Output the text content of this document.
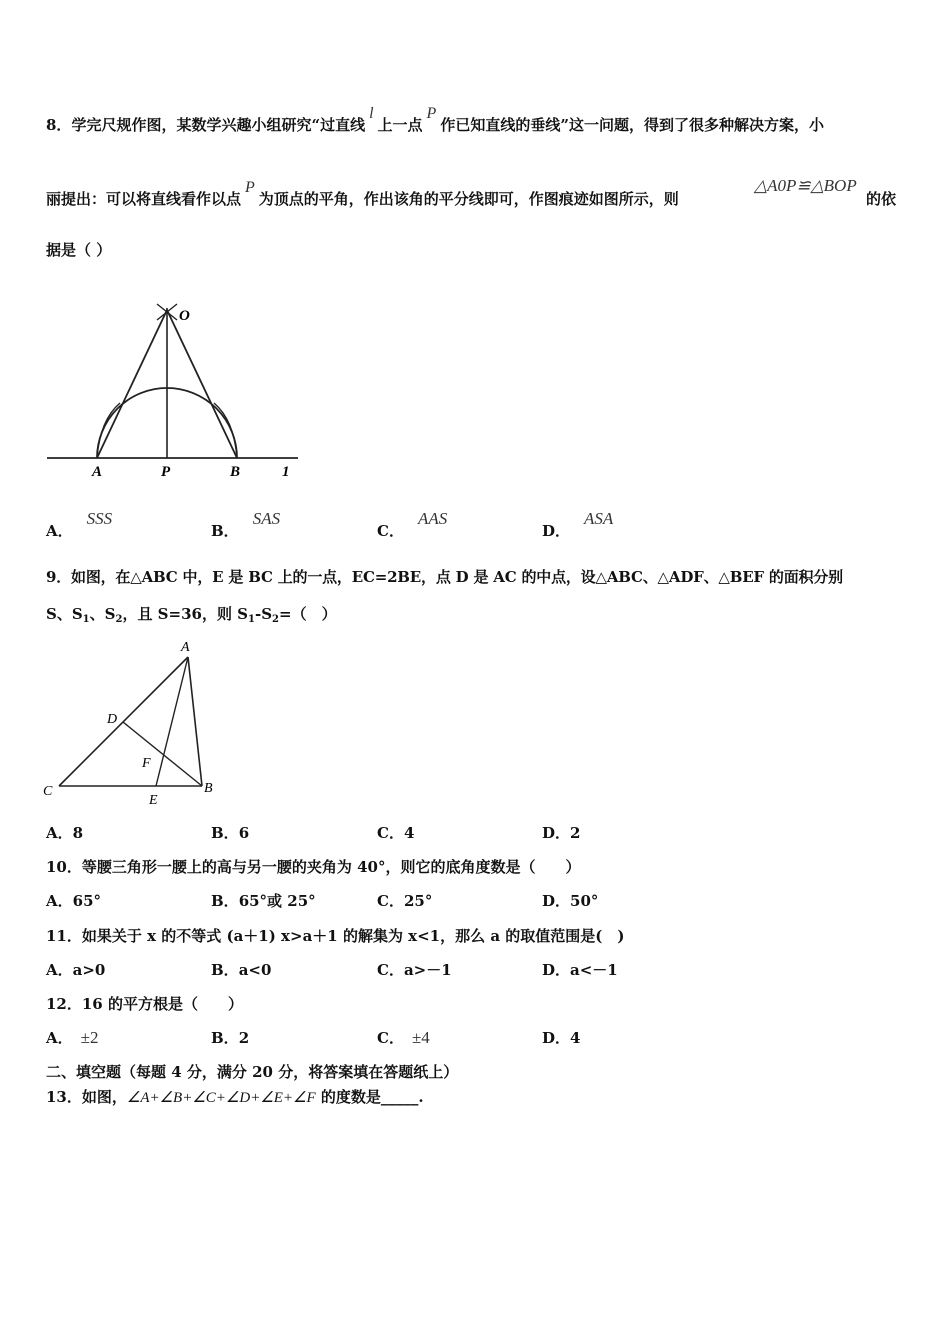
8．学完尺规作图，某数学兴趣小组研究“过直线l上一点P作已知直线的垂线”这一问题，得到了很多种解决方案，小
丽提出：可以将直线看作以点P为顶点的平角，作出该角的平分线即可，作图痕迹如图所示，则
△A0P≌△BOP
的依
据是（ ）
O
A	P	B	1
A．SSS
B．SAS
C．AAS
D．ASA
9．如图，在△ABC 中，E 是 BC 上的一点，EC=2BE，点 D 是 AC 的中点，设△ABC、△ADF、△BEF 的面积分别
S、$S_1$、$S_2$，且 S=36，则 $S_1-S_2=$（　）
A
D
F
C
E
B
A．8	B．6	C．4	D．2
10．等腰三角形一腰上的高与另一腰的夹角为 40°，则它的底角度数是（　　）
A．65°	B．65°或 25°	C．25°	D．50°
11．如果关于 x 的不等式 (a＋1) x>a＋1 的解集为 x<1，那么 a 的取值范围是(　)
A．a>0	B．a<0	C．a>－1	D．a<－1
12．16 的平方根是（　　）
A． ±2	B．2	C． ±4	D．4
二、填空题（每题 4 分，满分 20 分，将答案填在答题纸上）
13．如图，∠A+∠B+∠C+∠D+∠E+∠F 的度数是_____.
